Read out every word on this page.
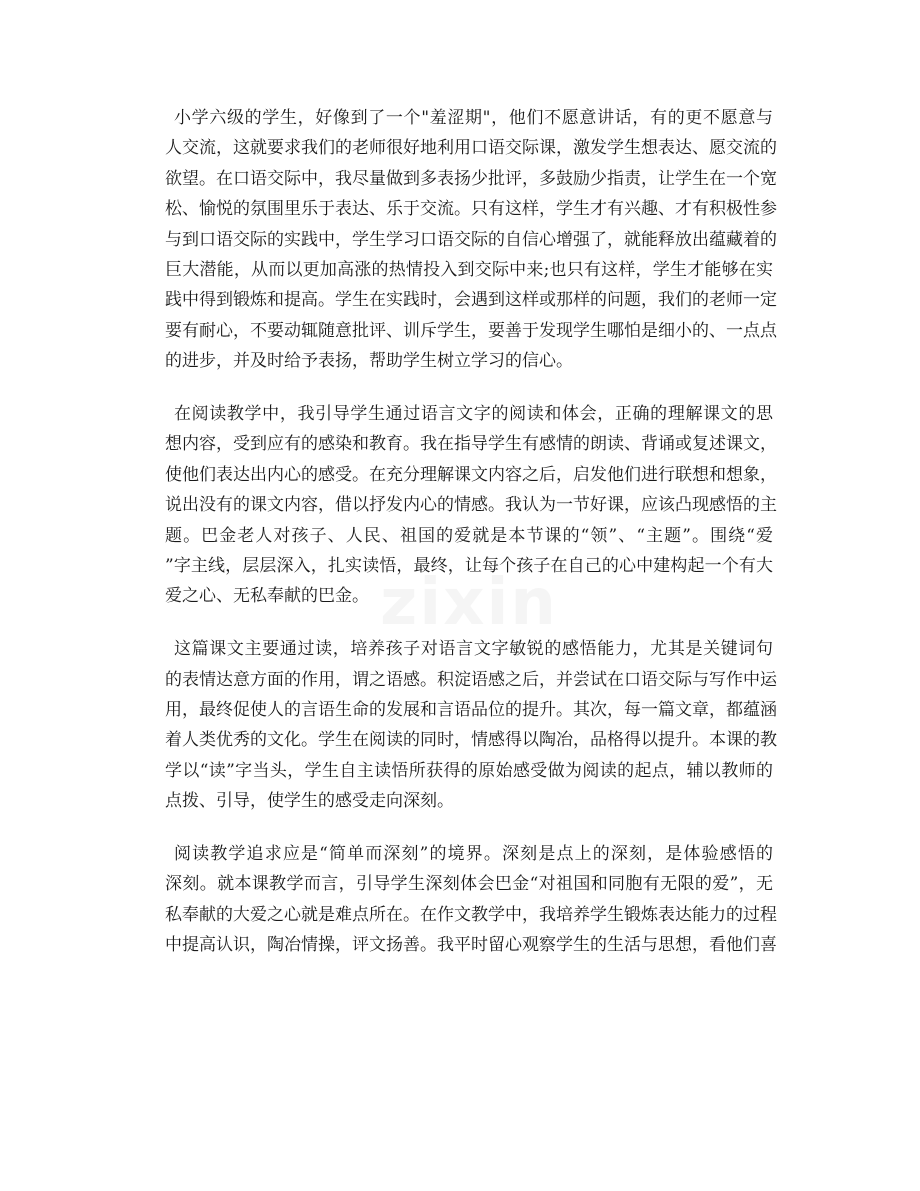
zixin
小学六级的学生，好像到了一个"羞涩期"，他们不愿意讲话，有的更不愿意与
人交流，这就要求我们的老师很好地利用口语交际课，激发学生想表达、愿交流的
欲望。在口语交际中，我尽量做到多表扬少批评，多鼓励少指责，让学生在一个宽
松、愉悦的氛围里乐于表达、乐于交流。只有这样，学生才有兴趣、才有积极性参
与到口语交际的实践中，学生学习口语交际的自信心增强了，就能释放出蕴藏着的
巨大潜能，从而以更加高涨的热情投入到交际中来;也只有这样，学生才能够在实
践中得到锻炼和提高。学生在实践时，会遇到这样或那样的问题，我们的老师一定
要有耐心，不要动辄随意批评、训斥学生，要善于发现学生哪怕是细小的、一点点
的进步，并及时给予表扬，帮助学生树立学习的信心。
在阅读教学中，我引导学生通过语言文字的阅读和体会，正确的理解课文的思
想内容，受到应有的感染和教育。我在指导学生有感情的朗读、背诵或复述课文，
使他们表达出内心的感受。在充分理解课文内容之后，启发他们进行联想和想象，
说出没有的课文内容，借以抒发内心的情感。我认为一节好课，应该凸现感悟的主
题。巴金老人对孩子、人民、祖国的爱就是本节课的“领”、“主题”。围绕“爱
”字主线，层层深入，扎实读悟，最终，让每个孩子在自己的心中建构起一个有大
爱之心、无私奉献的巴金。
这篇课文主要通过读，培养孩子对语言文字敏锐的感悟能力，尤其是关键词句
的表情达意方面的作用，谓之语感。积淀语感之后，并尝试在口语交际与写作中运
用，最终促使人的言语生命的发展和言语品位的提升。其次，每一篇文章，都蕴涵
着人类优秀的文化。学生在阅读的同时，情感得以陶冶，品格得以提升。本课的教
学以“读”字当头，学生自主读悟所获得的原始感受做为阅读的起点，辅以教师的
点拨、引导，使学生的感受走向深刻。
阅读教学追求应是“简单而深刻”的境界。深刻是点上的深刻，是体验感悟的
深刻。就本课教学而言，引导学生深刻体会巴金“对祖国和同胞有无限的爱”，无
私奉献的大爱之心就是难点所在。在作文教学中，我培养学生锻炼表达能力的过程
中提高认识，陶冶情操，评文扬善。我平时留心观察学生的生活与思想，看他们喜
